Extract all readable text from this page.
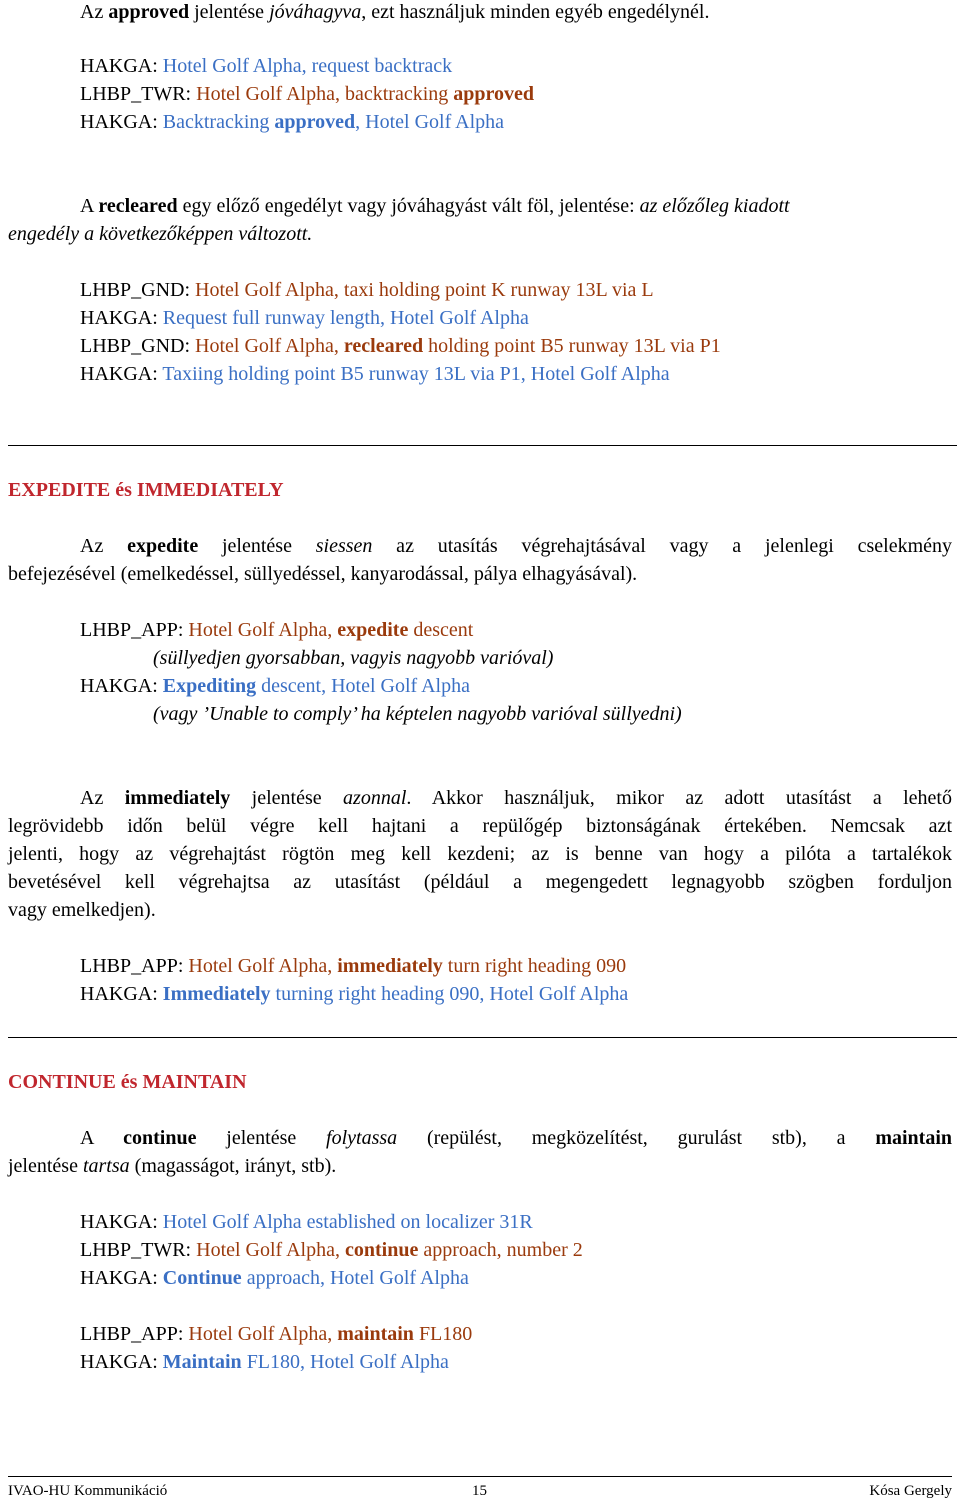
Az approved jelentése jóváhagyva, ezt használjuk minden egyéb engedélynél.
HAKGA: Hotel Golf Alpha, request backtrack
LHBP_TWR: Hotel Golf Alpha, backtracking approved
HAKGA: Backtracking approved, Hotel Golf Alpha
A recleared egy előző engedélyt vagy jóváhagyást vált föl, jelentése: az előzőleg kiadott
engedély a következőképpen változott.
LHBP_GND: Hotel Golf Alpha, taxi holding point K runway 13L via L
HAKGA: Request full runway length, Hotel Golf Alpha
LHBP_GND: Hotel Golf Alpha, recleared holding point B5 runway 13L via P1
HAKGA: Taxiing holding point B5 runway 13L via P1, Hotel Golf Alpha
EXPEDITE és IMMEDIATELY
Az expedite jelentése siessen az utasítás végrehajtásával vagy a jelenlegi cselekmény
befejezésével (emelkedéssel, süllyedéssel, kanyarodással, pálya elhagyásával).
LHBP_APP: Hotel Golf Alpha, expedite descent
(süllyedjen gyorsabban, vagyis nagyobb varióval)
HAKGA: Expediting descent, Hotel Golf Alpha
(vagy ’Unable to comply’ ha képtelen nagyobb varióval süllyedni)
Az immediately jelentése azonnal. Akkor használjuk, mikor az adott utasítást a lehető
legrövidebb időn belül végre kell hajtani a repülőgép biztonságának értekében. Nemcsak azt
jelenti, hogy az végrehajtást rögtön meg kell kezdeni; az is benne van hogy a pilóta a tartalékok
bevetésével kell végrehajtsa az utasítást (például a megengedett legnagyobb szögben forduljon
vagy emelkedjen).
LHBP_APP: Hotel Golf Alpha, immediately turn right heading 090
HAKGA: Immediately turning right heading 090, Hotel Golf Alpha
CONTINUE és MAINTAIN
A continue jelentése folytassa (repülést, megközelítést, gurulást stb), a maintain
jelentése tartsa (magasságot, irányt, stb).
HAKGA: Hotel Golf Alpha established on localizer 31R
LHBP_TWR: Hotel Golf Alpha, continue approach, number 2
HAKGA: Continue approach, Hotel Golf Alpha
LHBP_APP: Hotel Golf Alpha, maintain FL180
HAKGA: Maintain FL180, Hotel Golf Alpha
IVAO-HU Kommunikáció	15	Kósa Gergely
